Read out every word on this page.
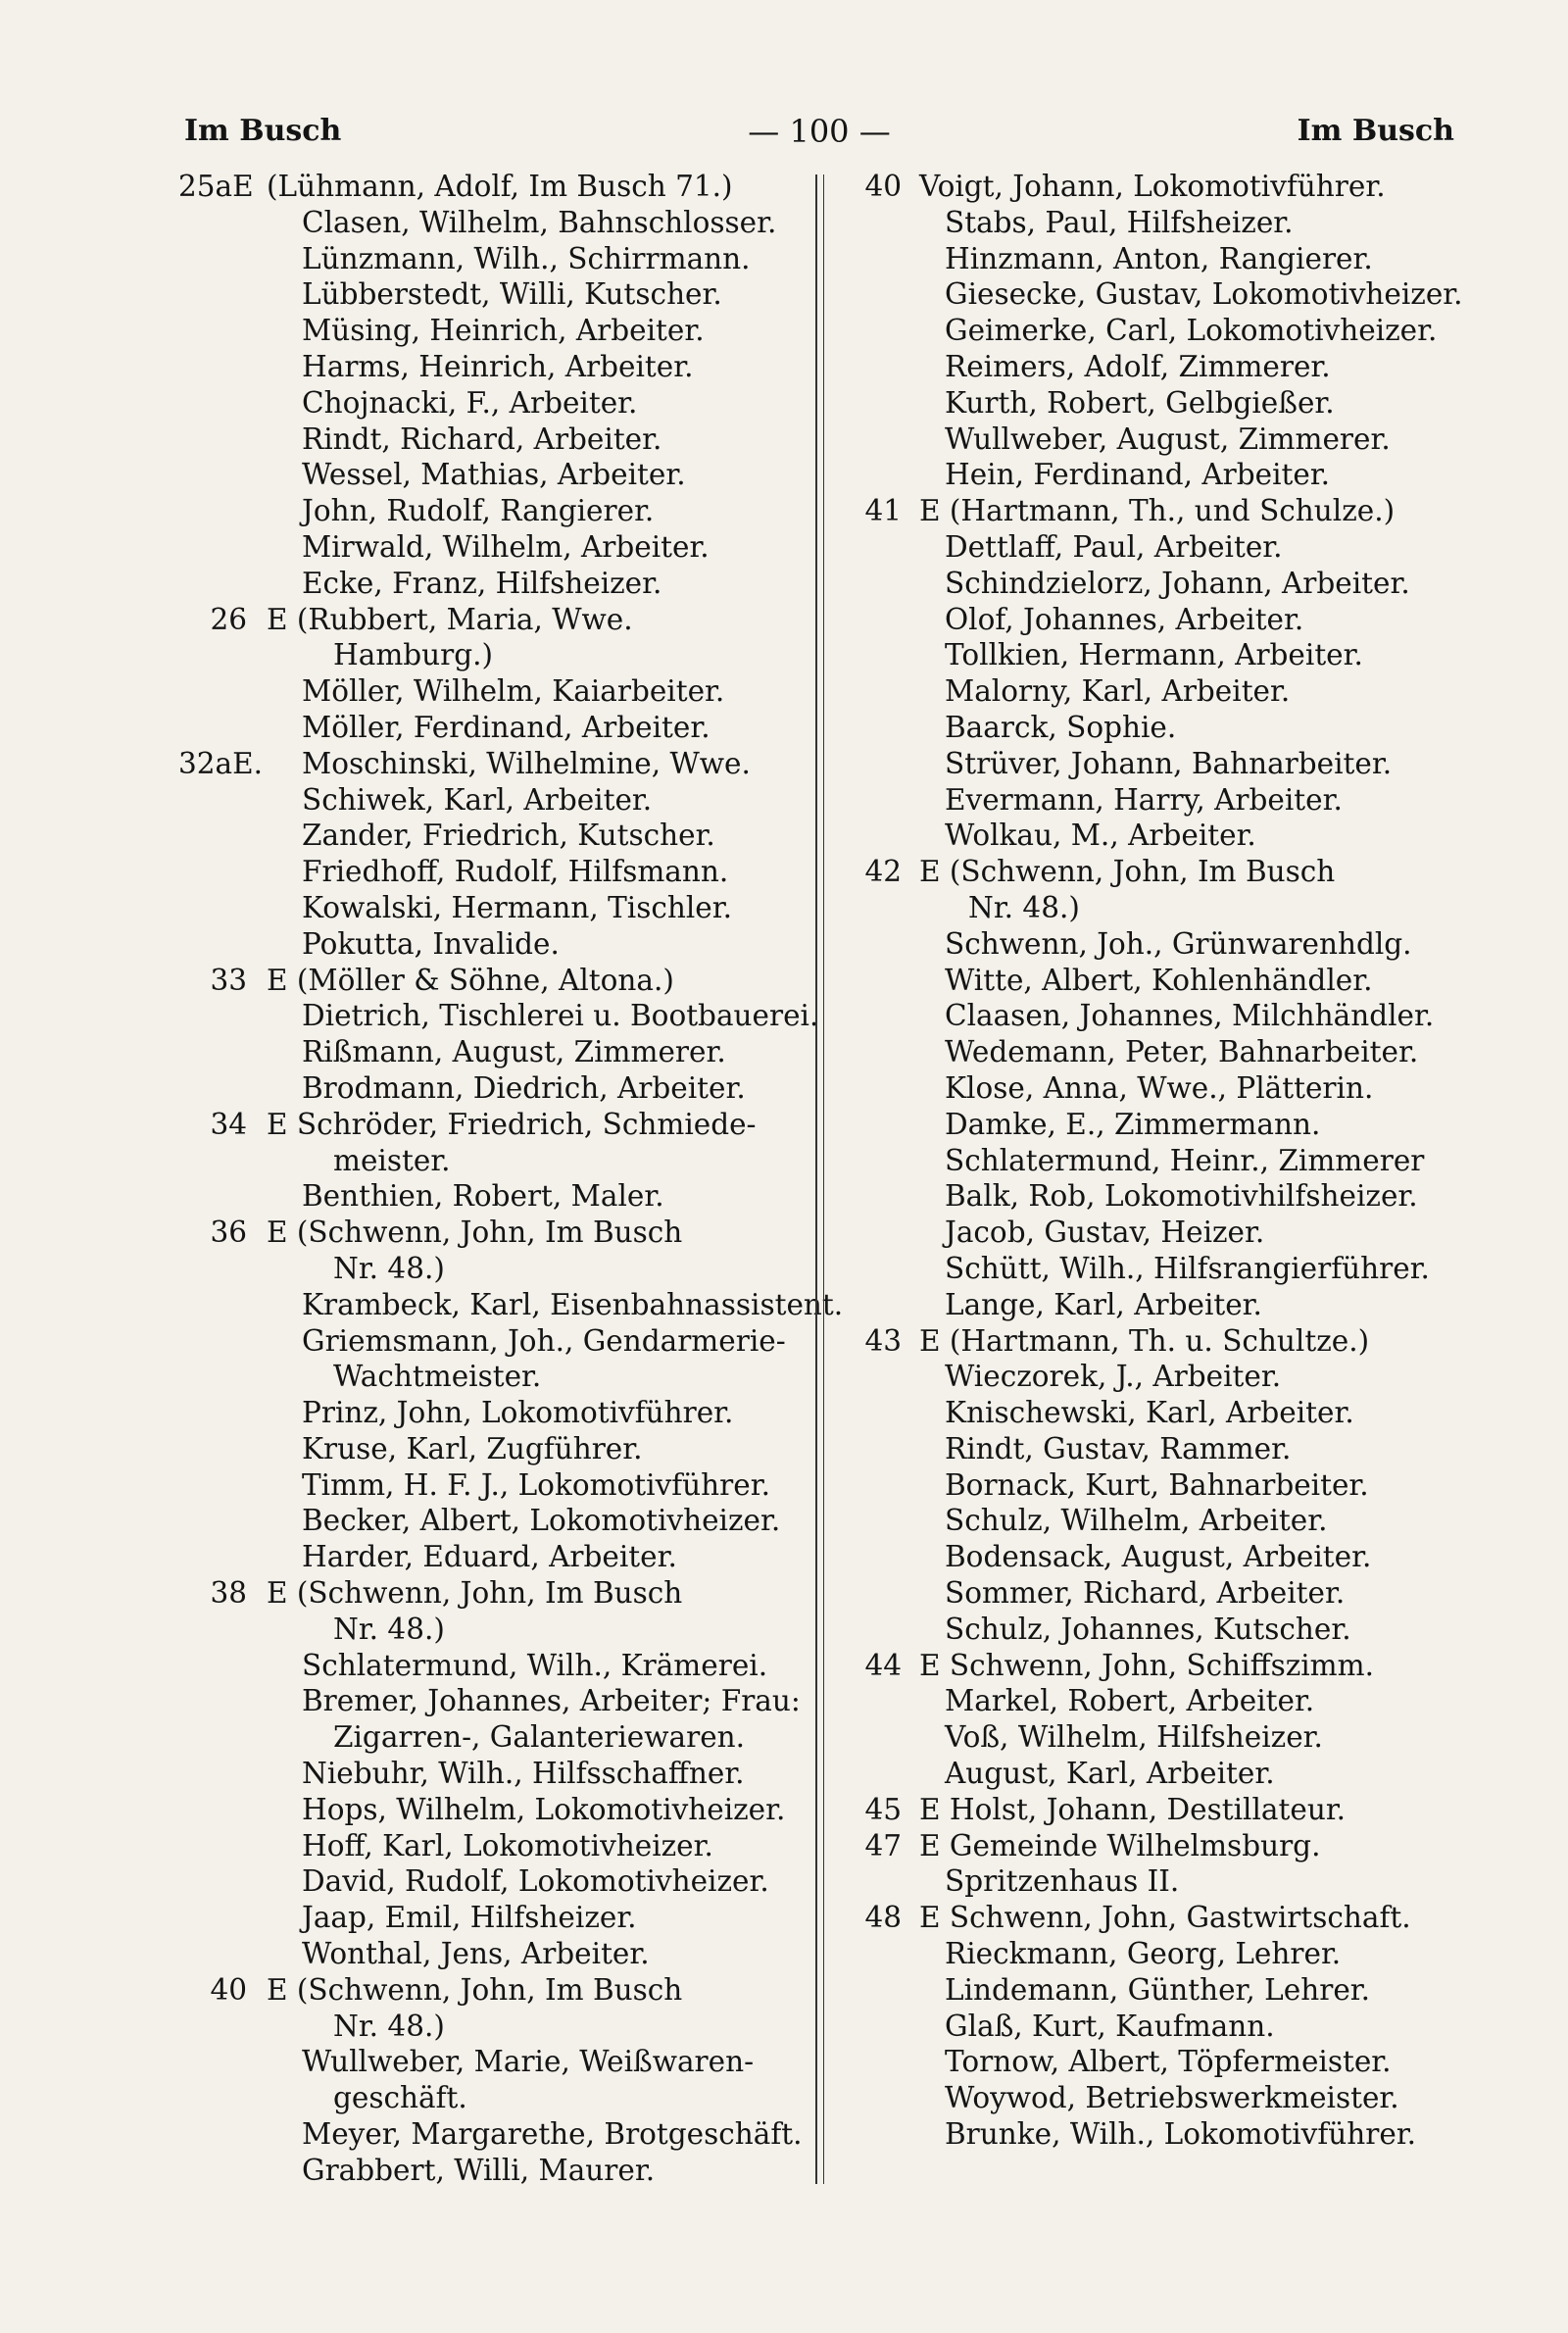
Im Busch	— 100 —	Im Busch
25aE (Lühmann, Adolf, Im Busch 71.)
Clasen, Wilhelm, Bahnschlosser.
Lünzmann, Wilh., Schirrmann.
Lübberstedt, Willi, Kutscher.
Müsing, Heinrich, Arbeiter.
Harms, Heinrich, Arbeiter.
Chojnacki, F., Arbeiter.
Rindt, Richard, Arbeiter.
Wessel, Mathias, Arbeiter.
John, Rudolf, Rangierer.
Mirwald, Wilhelm, Arbeiter.
Ecke, Franz, Hilfsheizer.
26 E (Rubbert, Maria, Wwe.
Hamburg.)
Möller, Wilhelm, Kaiarbeiter.
Möller, Ferdinand, Arbeiter.
32aE. Moschinski, Wilhelmine, Wwe.
Schiwek, Karl, Arbeiter.
Zander, Friedrich, Kutscher.
Friedhoff, Rudolf, Hilfsmann.
Kowalski, Hermann, Tischler.
Pokutta, Invalide.
33 E (Möller & Söhne, Altona.)
Dietrich, Tischlerei u. Bootbauerei.
Rißmann, August, Zimmerer.
Brodmann, Diedrich, Arbeiter.
34 E Schröder, Friedrich, Schmiede-
meister.
Benthien, Robert, Maler.
36 E (Schwenn, John, Im Busch
Nr. 48.)
Krambeck, Karl, Eisenbahnassistent.
Griemsmann, Joh., Gendarmerie-
Wachtmeister.
Prinz, John, Lokomotivführer.
Kruse, Karl, Zugführer.
Timm, H. F. J., Lokomotivführer.
Becker, Albert, Lokomotivheizer.
Harder, Eduard, Arbeiter.
38 E (Schwenn, John, Im Busch
Nr. 48.)
Schlatermund, Wilh., Krämerei.
Bremer, Johannes, Arbeiter; Frau:
Zigarren-, Galanteriewaren.
Niebuhr, Wilh., Hilfsschaffner.
Hops, Wilhelm, Lokomotivheizer.
Hoff, Karl, Lokomotivheizer.
David, Rudolf, Lokomotivheizer.
Jaap, Emil, Hilfsheizer.
Wonthal, Jens, Arbeiter.
40 E (Schwenn, John, Im Busch
Nr. 48.)
Wullweber, Marie, Weißwaren-
geschäft.
Meyer, Margarethe, Brotgeschäft.
Grabbert, Willi, Maurer.
40 Voigt, Johann, Lokomotivführer.
Stabs, Paul, Hilfsheizer.
Hinzmann, Anton, Rangierer.
Giesecke, Gustav, Lokomotivheizer.
Geimerke, Carl, Lokomotivheizer.
Reimers, Adolf, Zimmerer.
Kurth, Robert, Gelbgießer.
Wullweber, August, Zimmerer.
Hein, Ferdinand, Arbeiter.
41 E (Hartmann, Th., und Schulze.)
Dettlaff, Paul, Arbeiter.
Schindzielorz, Johann, Arbeiter.
Olof, Johannes, Arbeiter.
Tollkien, Hermann, Arbeiter.
Malorny, Karl, Arbeiter.
Baarck, Sophie.
Strüver, Johann, Bahnarbeiter.
Evermann, Harry, Arbeiter.
Wolkau, M., Arbeiter.
42 E (Schwenn, John, Im Busch
Nr. 48.)
Schwenn, Joh., Grünwarenhdlg.
Witte, Albert, Kohlenhändler.
Claasen, Johannes, Milchhändler.
Wedemann, Peter, Bahnarbeiter.
Klose, Anna, Wwe., Plätterin.
Damke, E., Zimmermann.
Schlatermund, Heinr., Zimmerer
Balk, Rob, Lokomotivhilfsheizer.
Jacob, Gustav, Heizer.
Schütt, Wilh., Hilfsrangierführer.
Lange, Karl, Arbeiter.
43 E (Hartmann, Th. u. Schultze.)
Wieczorek, J., Arbeiter.
Knischewski, Karl, Arbeiter.
Rindt, Gustav, Rammer.
Bornack, Kurt, Bahnarbeiter.
Schulz, Wilhelm, Arbeiter.
Bodensack, August, Arbeiter.
Sommer, Richard, Arbeiter.
Schulz, Johannes, Kutscher.
44 E Schwenn, John, Schiffszimm.
Markel, Robert, Arbeiter.
Voß, Wilhelm, Hilfsheizer.
August, Karl, Arbeiter.
45 E Holst, Johann, Destillateur.
47 E Gemeinde Wilhelmsburg.
Spritzenhaus II.
48 E Schwenn, John, Gastwirtschaft.
Rieckmann, Georg, Lehrer.
Lindemann, Günther, Lehrer.
Glaß, Kurt, Kaufmann.
Tornow, Albert, Töpfermeister.
Woywod, Betriebswerkmeister.
Brunke, Wilh., Lokomotivführer.
